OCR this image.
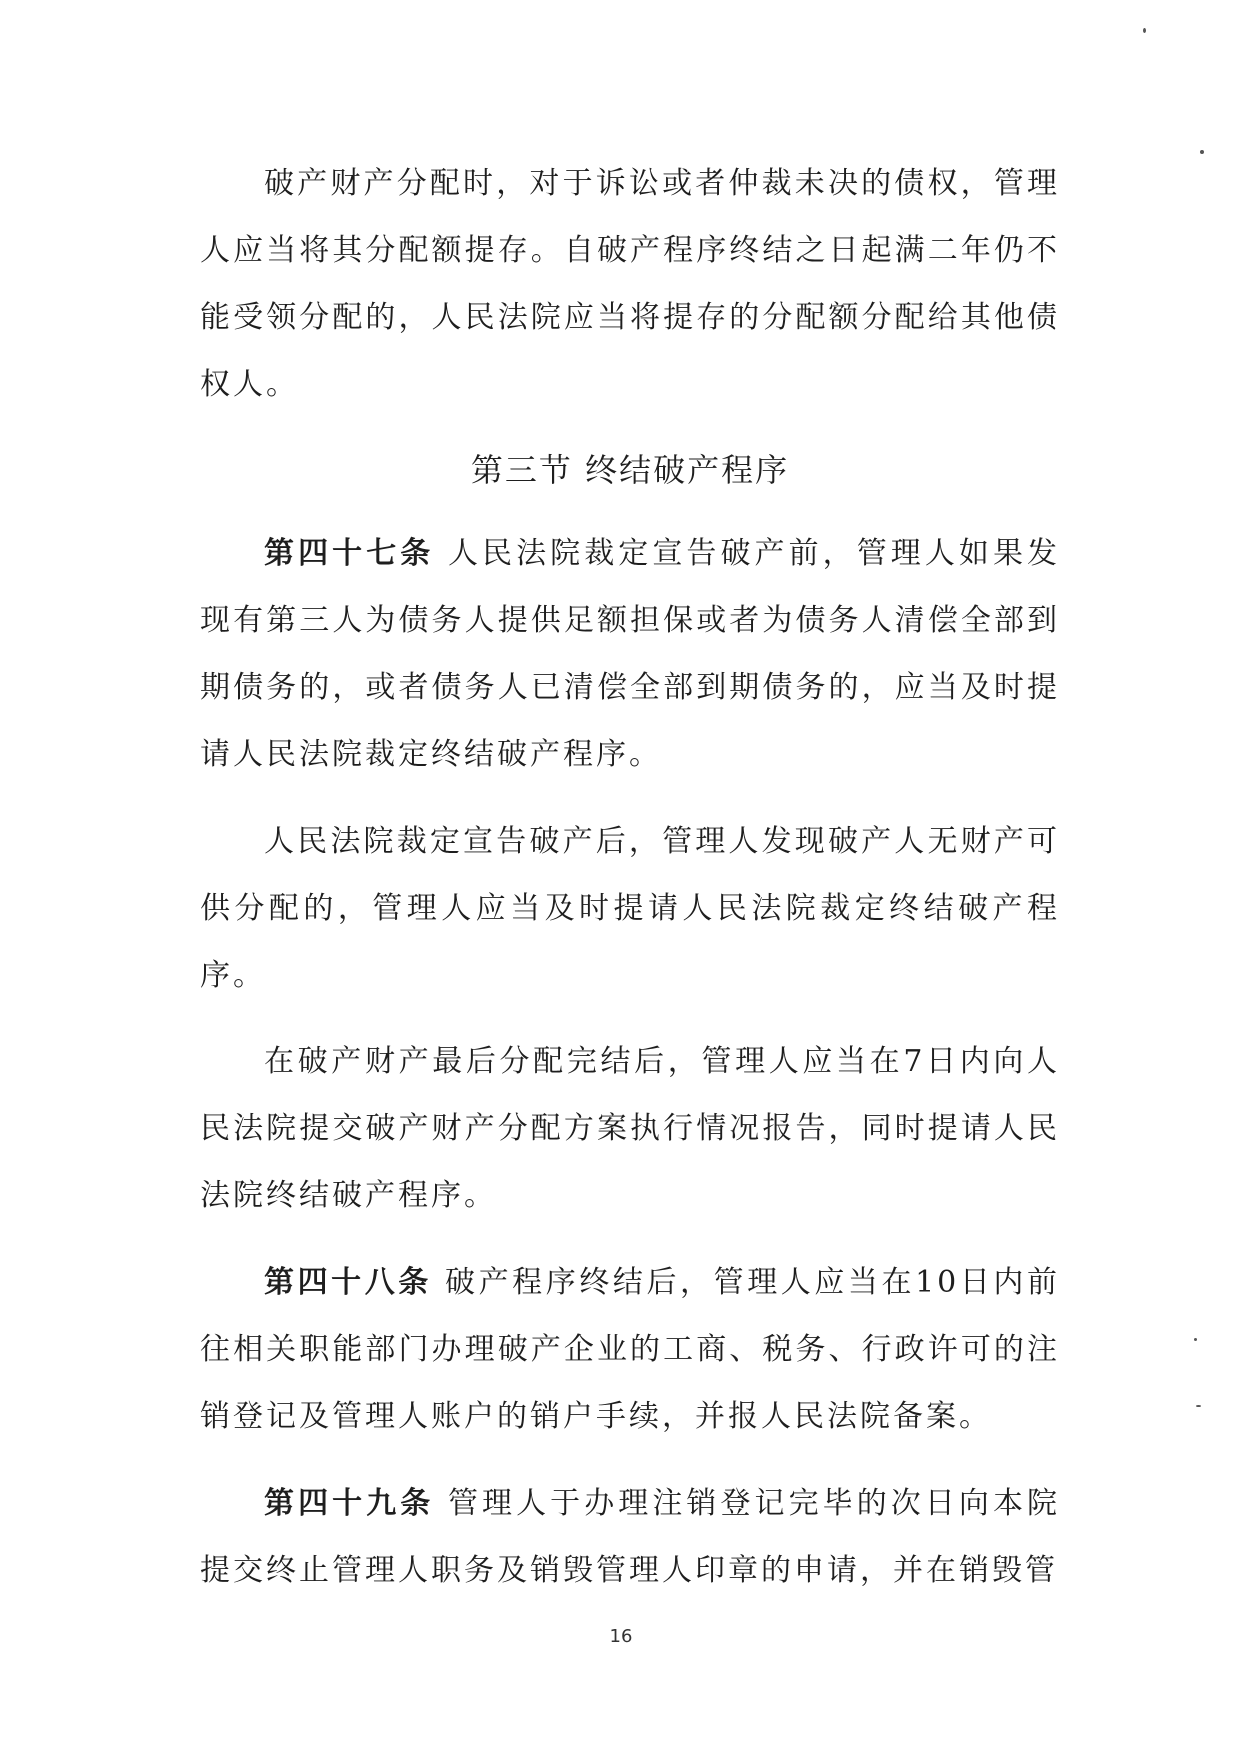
破产财产分配时，对于诉讼或者仲裁未决的债权，管理人应当将其分配额提存。自破产程序终结之日起满二年仍不能受领分配的，人民法院应当将提存的分配额分配给其他债权人。

第三节 终结破产程序

第四十七条 人民法院裁定宣告破产前，管理人如果发现有第三人为债务人提供足额担保或者为债务人清偿全部到期债务的，或者债务人已清偿全部到期债务的，应当及时提请人民法院裁定终结破产程序。

人民法院裁定宣告破产后，管理人发现破产人无财产可供分配的，管理人应当及时提请人民法院裁定终结破产程序。

在破产财产最后分配完结后，管理人应当在7日内向人民法院提交破产财产分配方案执行情况报告，同时提请人民法院终结破产程序。

第四十八条 破产程序终结后，管理人应当在10日内前往相关职能部门办理破产企业的工商、税务、行政许可的注销登记及管理人账户的销户手续，并报人民法院备案。

第四十九条 管理人于办理注销登记完毕的次日向本院提交终止管理人职务及销毁管理人印章的申请，并在销毁管

16
